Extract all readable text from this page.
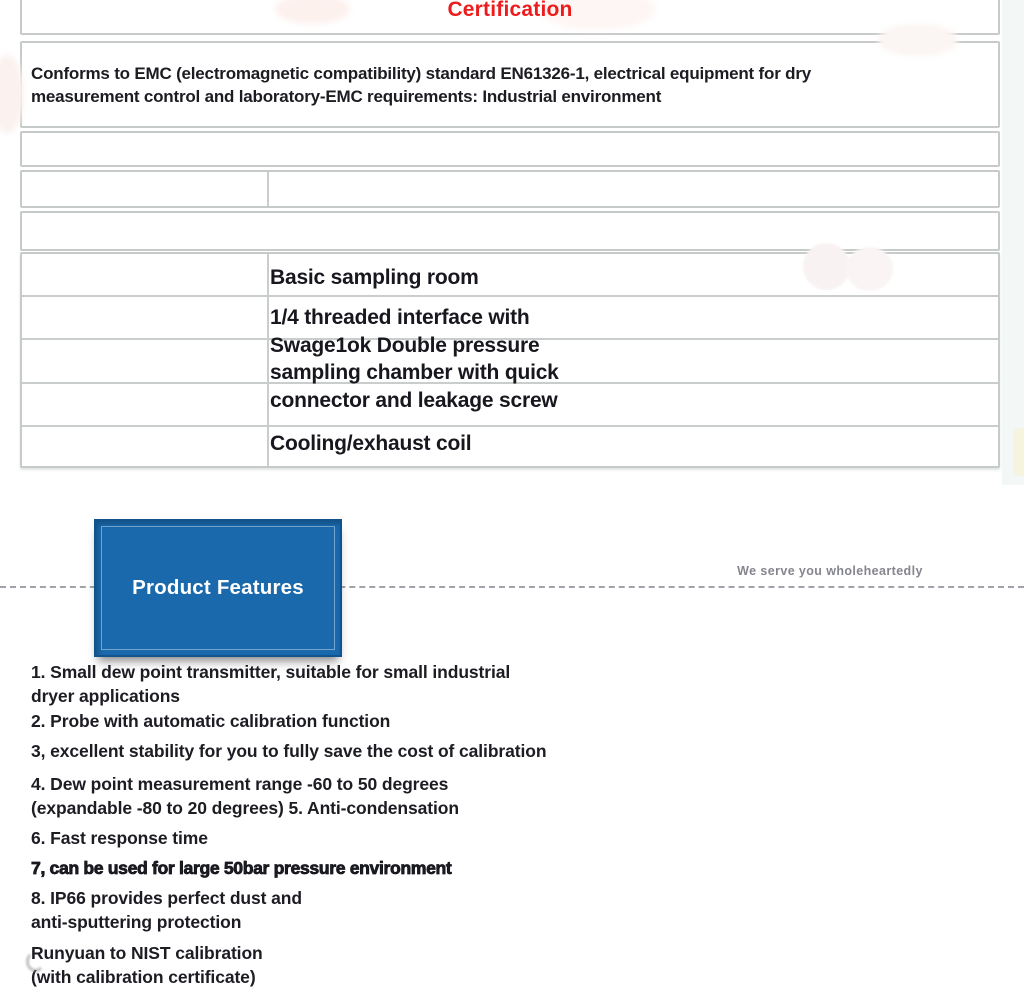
Certification
Conforms to EMC (electromagnetic compatibility) standard EN61326-1, electrical equipment for dry
measurement control and laboratory-EMC requirements: Industrial environment
Basic sampling room
1/4 threaded interface with
Swage1ok Double pressure
sampling chamber with quick
connector and leakage screw
Cooling/exhaust coil
We serve you wholeheartedly
Product Features
1. Small dew point transmitter, suitable for small industrial
dryer applications
2. Probe with automatic calibration function
3, excellent stability for you to fully save the cost of calibration
4. Dew point measurement range -60 to 50 degrees
(expandable -80 to 20 degrees) 5. Anti-condensation
6. Fast response time
7, can be used for large 50bar pressure environment
8. IP66 provides perfect dust and
anti-sputtering protection
Runyuan to NIST calibration
(with calibration certificate)
